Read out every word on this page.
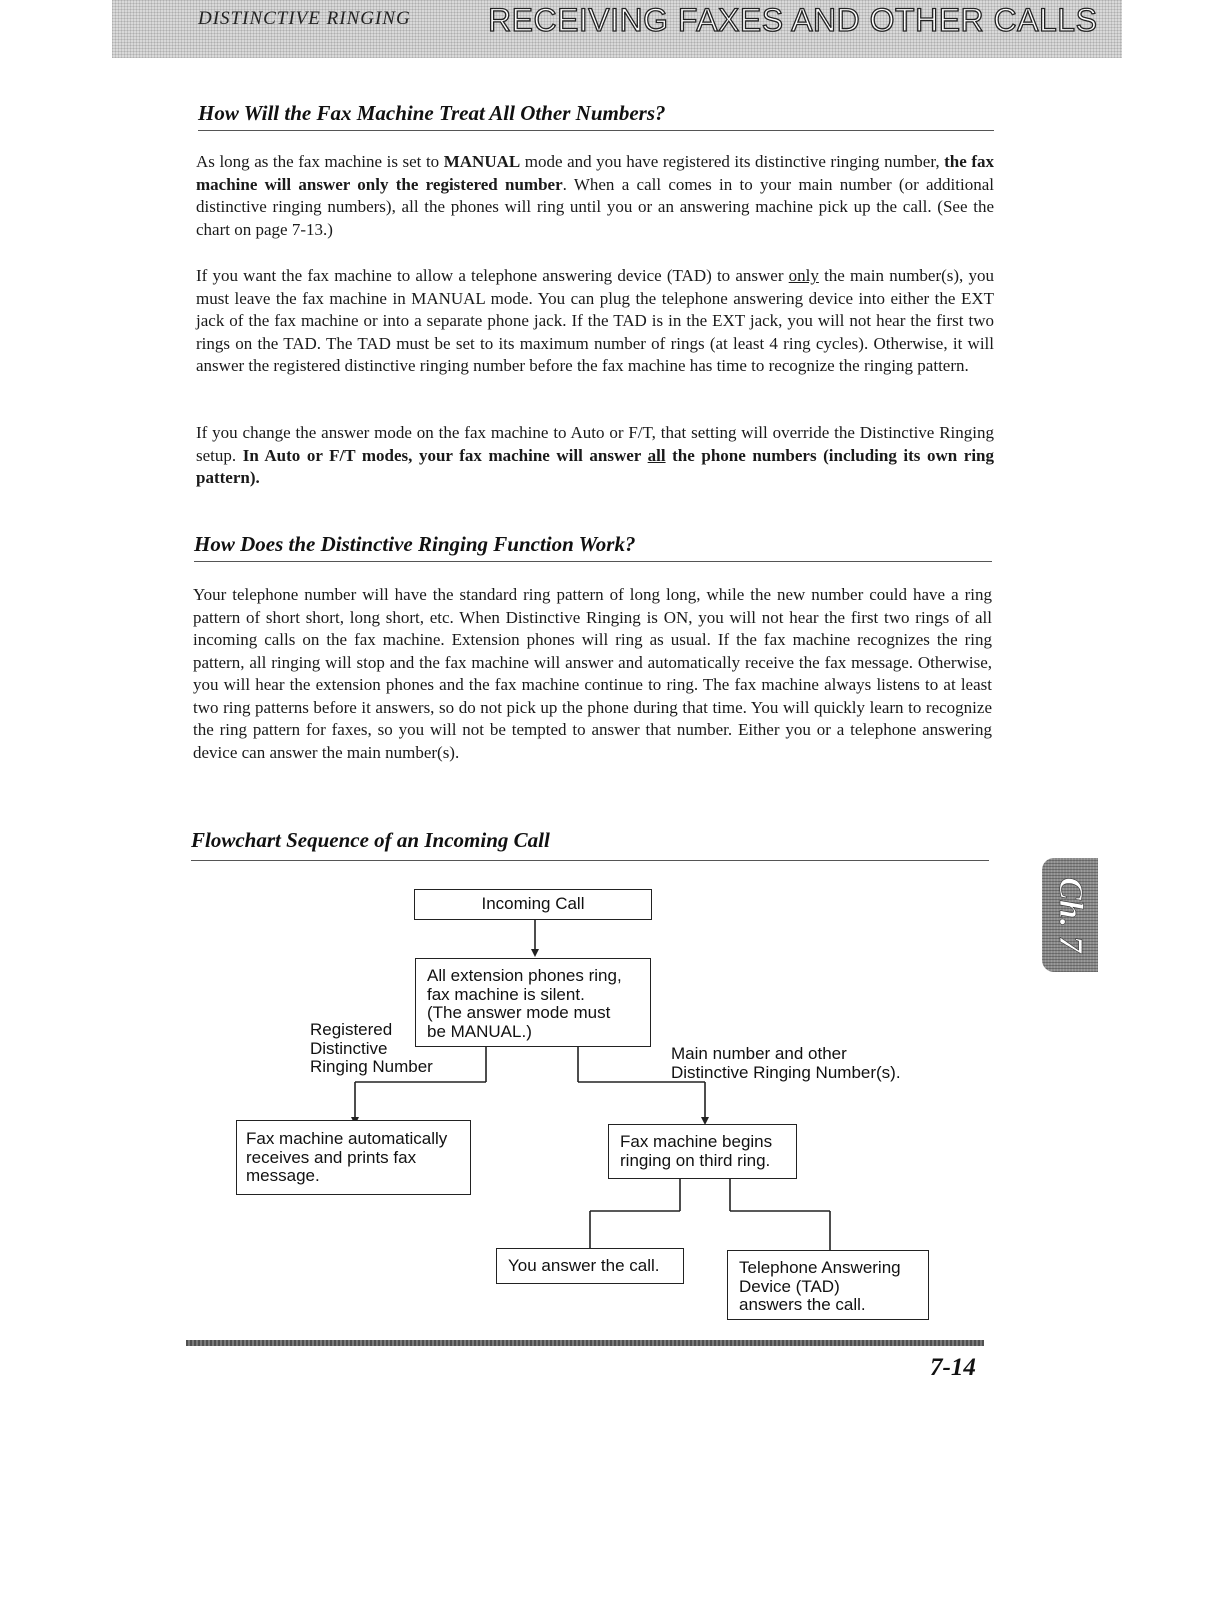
DISTINCTIVE RINGING RECEIVING FAXES AND OTHER CALLS
How Will the Fax Machine Treat All Other Numbers?

As long as the fax machine is set to MANUAL mode and you have registered its distinctive ringing number, the fax machine will answer only the registered number. When a call comes in to your main number (or additional distinctive ringing numbers), all the phones will ring until you or an answering machine pick up the call. (See the chart on page 7-13.)

If you want the fax machine to allow a telephone answering device (TAD) to answer only the main number(s), you must leave the fax machine in MANUAL mode. You can plug the telephone answering device into either the EXT jack of the fax machine or into a separate phone jack. If the TAD is in the EXT jack, you will not hear the first two rings on the TAD. The TAD must be set to its maximum number of rings (at least 4 ring cycles). Otherwise, it will answer the registered distinctive ringing number before the fax machine has time to recognize the ringing pattern.

If you change the answer mode on the fax machine to Auto or F/T, that setting will override the Distinctive Ringing setup. In Auto or F/T modes, your fax machine will answer all the phone numbers (including its own ring pattern).

How Does the Distinctive Ringing Function Work?

Your telephone number will have the standard ring pattern of long long, while the new number could have a ring pattern of short short, long short, etc. When Distinctive Ringing is ON, you will not hear the first two rings of all incoming calls on the fax machine. Extension phones will ring as usual. If the fax machine recognizes the ring pattern, all ringing will stop and the fax machine will answer and automatically receive the fax message. Otherwise, you will hear the extension phones and the fax machine continue to ring. The fax machine always listens to at least two ring patterns before it answers, so do not pick up the phone during that time. You will quickly learn to recognize the ring pattern for faxes, so you will not be tempted to answer that number. Either you or a telephone answering device can answer the main number(s).

Flowchart Sequence of an Incoming Call
Incoming Call
All extension phones ring,
fax machine is silent.
(The answer mode must
be MANUAL.)
Registered
Distinctive
Ringing Number
Main number and other
Distinctive Ringing Number(s).
Fax machine automatically
receives and prints fax
message.
Fax machine begins
ringing on third ring.
You answer the call.	Telephone Answering
Device (TAD)
answers the call.
Ch. 7
7-14
